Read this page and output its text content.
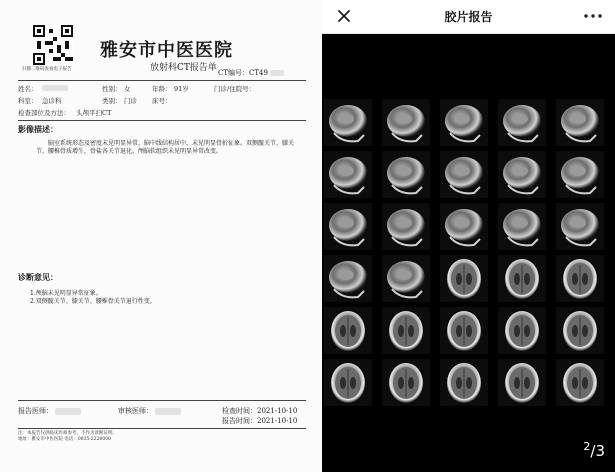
扫描二维码查看电子报告
雅安市中医医院
放射科CT报告单 CT编号：CT49
姓名：	性别： 女	年龄： 91岁	门诊/住院号：
科室： 急诊科	类别： 门诊 床号：
检查部位及方法： 头颅平扫CT
影像描述：
脑室系统形态及密度未见明显异常，脑中线结构居中，未见明显骨折征象。双侧髋关节、膝关节、腰椎骨质增生，骨盐各关节退化。颅脑软组织未见明显异常改变。
诊断意见：
1.颅脑未见明显异常征象。
2.双侧髋关节、膝关节、腰椎骨关节退行性变。
报告医师：	审核医师：	检查时间：2021-10-10
报告时间：2021-10-10
注：本报告仅供临床医师参考，不作为诊断证明。
地址：雅安市中医医院 电话：0835-2220000
胶片报告
$^2$/3
